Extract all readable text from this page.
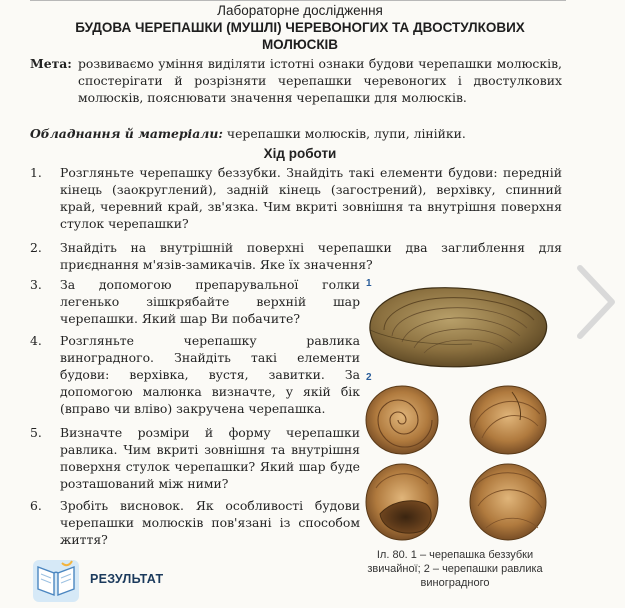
Лабораторне дослідження
БУДОВА ЧЕРЕПАШКИ (МУШЛІ) ЧЕРЕВОНОГИХ ТА ДВОСТУЛКОВИХ
МОЛЮСКІВ
Мета: розвиваємо уміння виділяти істотні ознаки будови черепашки молюсків, спостерігати й розрізняти черепашки черевоногих і двостулкових молюсків, пояснювати значення черепашки для молюсків.
Обладнання й матеріали: черепашки молюсків, лупи, лінійки.
Хід роботи
1.	Розгляньте черепашку беззубки. Знайдіть такі елементи будови: передній кінець (заокруглений), задній кінець (загострений), верхівку, спинний край, черевний край, зв'язка. Чим вкриті зовнішня та внутрішня поверхня стулок черепашки?
2.	Знайдіть на внутрішній поверхні черепашки два заглиблення для приєднання м'язів-замикачів. Яке їх значення?
3.	За допомогою препарувальної голки легенько зішкрябайте верхній шар черепашки. Який шар Ви побачите?
4.	Розгляньте черепашку равлика виноградного. Знайдіть такі елементи будови: верхівка, вустя, завитки. За допомогою малюнка визначте, у якій бік (вправо чи вліво) закручена черепашка.
5.	Визначте розміри й форму черепашки равлика. Чим вкриті зовнішня та внутрішня поверхня стулок черепашки? Який шар буде розташований між ними?
6.	Зробіть висновок. Як особливості будови черепашки молюсків пов'язані із способом життя?
1
2
Іл. 80. 1 – черепашка беззубки звичайної; 2 – черепашки равлика виноградного
РЕЗУЛЬТАТ
